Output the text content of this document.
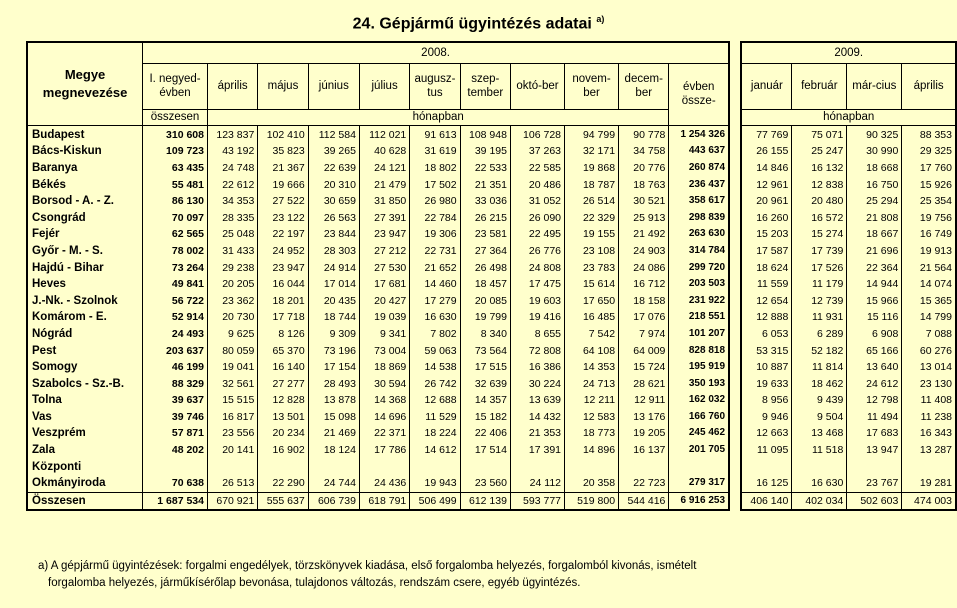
24. Gépjármű ügyintézés adatai $^{a)}$
Megye megnevezése	2008.												2009.			
	I. negyed-évben	április	május	június	július	augusz-tus	szep-tember	októ-ber	novem-ber	decem-ber	évben össze-		január	február	már-cius	április
	összesen	hónapban											hónapban			
Budapest	310 608	123 837	102 410	112 584	112 021	91 613	108 948	106 728	94 799	90 778	1 254 326		77 769	75 071	90 325	88 353
Bács-Kiskun	109 723	43 192	35 823	39 265	40 628	31 619	39 195	37 263	32 171	34 758	443 637		26 155	25 247	30 990	29 325
Baranya	63 435	24 748	21 367	22 639	24 121	18 802	22 533	22 585	19 868	20 776	260 874		14 846	16 132	18 668	17 760
Békés	55 481	22 612	19 666	20 310	21 479	17 502	21 351	20 486	18 787	18 763	236 437		12 961	12 838	16 750	15 926
Borsod - A. - Z.	86 130	34 353	27 522	30 659	31 850	26 980	33 036	31 052	26 514	30 521	358 617		20 961	20 480	25 294	25 354
Csongrád	70 097	28 335	23 122	26 563	27 391	22 784	26 215	26 090	22 329	25 913	298 839		16 260	16 572	21 808	19 756
Fejér	62 565	25 048	22 197	23 844	23 947	19 306	23 581	22 495	19 155	21 492	263 630		15 203	15 274	18 667	16 749
Győr - M. - S.	78 002	31 433	24 952	28 303	27 212	22 731	27 364	26 776	23 108	24 903	314 784		17 587	17 739	21 696	19 913
Hajdú - Bihar	73 264	29 238	23 947	24 914	27 530	21 652	26 498	24 808	23 783	24 086	299 720		18 624	17 526	22 364	21 564
Heves	49 841	20 205	16 044	17 014	17 681	14 460	18 457	17 475	15 614	16 712	203 503		11 559	11 179	14 944	14 074
J.-Nk. - Szolnok	56 722	23 362	18 201	20 435	20 427	17 279	20 085	19 603	17 650	18 158	231 922		12 654	12 739	15 966	15 365
Komárom - E.	52 914	20 730	17 718	18 744	19 039	16 630	19 799	19 416	16 485	17 076	218 551		12 888	11 931	15 116	14 799
Nógrád	24 493	9 625	8 126	9 309	9 341	7 802	8 340	8 655	7 542	7 974	101 207		6 053	6 289	6 908	7 088
Pest	203 637	80 059	65 370	73 196	73 004	59 063	73 564	72 808	64 108	64 009	828 818		53 315	52 182	65 166	60 276
Somogy	46 199	19 041	16 140	17 154	18 869	14 538	17 515	16 386	14 353	15 724	195 919		10 887	11 814	13 640	13 014
Szabolcs - Sz.-B.	88 329	32 561	27 277	28 493	30 594	26 742	32 639	30 224	24 713	28 621	350 193		19 633	18 462	24 612	23 130
Tolna	39 637	15 515	12 828	13 878	14 368	12 688	14 357	13 639	12 211	12 911	162 032		8 956	9 439	12 798	11 408
Vas	39 746	16 817	13 501	15 098	14 696	11 529	15 182	14 432	12 583	13 176	166 760		9 946	9 504	11 494	11 238
Veszprém	57 871	23 556	20 234	21 469	22 371	18 224	22 406	21 353	18 773	19 205	245 462		12 663	13 468	17 683	16 343
Zala	48 202	20 141	16 902	18 124	17 786	14 612	17 514	17 391	14 896	16 137	201 705		11 095	11 518	13 947	13 287
Központi																
Okmányiroda	70 638	26 513	22 290	24 744	24 436	19 943	23 560	24 112	20 358	22 723	279 317		16 125	16 630	23 767	19 281
Összesen	1 687 534	670 921	555 637	606 739	618 791	506 499	612 139	593 777	519 800	544 416	6 916 253		406 140	402 034	502 603	474 003
a) A gépjármű ügyintézések: forgalmi engedélyek, törzskönyvek kiadása, első forgalomba helyezés, forgalomból kivonás, ismételt
forgalomba helyezés, járműkísérőlap bevonása, tulajdonos változás, rendszám csere, egyéb ügyintézés.
